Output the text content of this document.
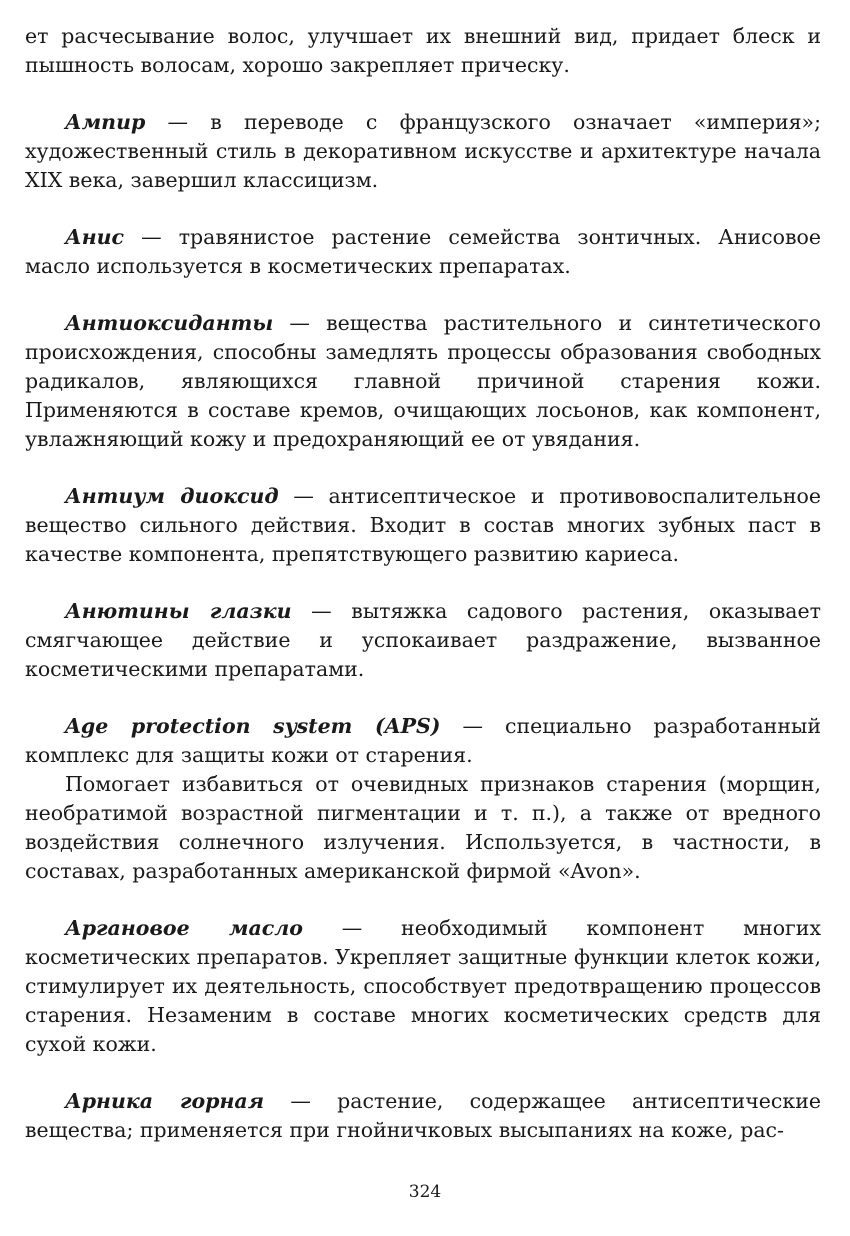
ет расчесывание волос, улучшает их внешний вид, придает блеск и пышность волосам, хорошо закрепляет прическу.

Ампир — в переводе с французского означает «империя»; художественный стиль в декоративном искусстве и архитектуре начала XIX века, завершил классицизм.

Анис — травянистое растение семейства зонтичных. Анисовое масло используется в косметических препаратах.

Антиоксиданты — вещества растительного и синтетического происхождения, способны замедлять процессы образования свободных радикалов, являющихся главной причиной старения кожи. Применяются в составе кремов, очищающих лосьонов, как компонент, увлажняющий кожу и предохраняющий ее от увядания.

Антиум диоксид — антисептическое и противовоспалительное вещество сильного действия. Входит в состав многих зубных паст в качестве компонента, препятствующего развитию кариеса.

Анютины глазки — вытяжка садового растения, оказывает смягчающее действие и успокаивает раздражение, вызванное косметическими препаратами.

Age protection system (APS) — специально разработанный комплекс для защиты кожи от старения.

Помогает избавиться от очевидных признаков старения (морщин, необратимой возрастной пигментации и т. п.), а также от вредного воздействия солнечного излучения. Используется, в частности, в составах, разработанных американской фирмой «Avon».

Аргановое масло — необходимый компонент многих косметических препаратов. Укрепляет защитные функции клеток кожи, стимулирует их деятельность, способствует предотвращению процессов старения. Незаменим в составе многих косметических средств для сухой кожи.

Арника горная — растение, содержащее антисептические вещества; применяется при гнойничковых высыпаниях на коже, рас-

324
